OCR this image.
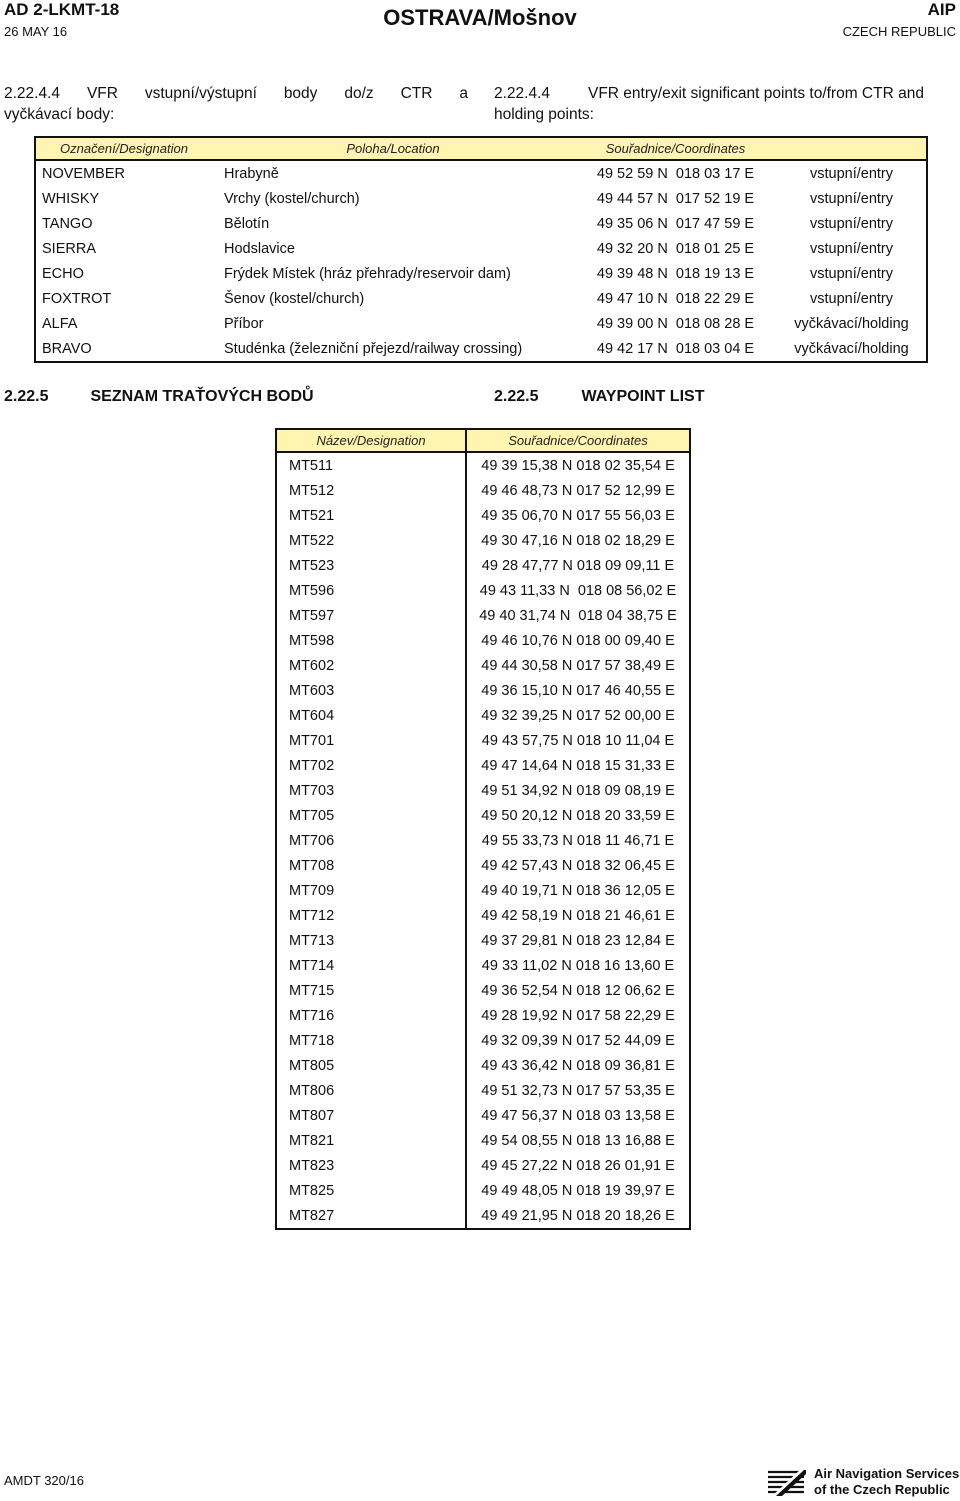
AD 2-LKMT-18
26 MAY 16
OSTRAVA/Mošnov	AIP
CZECH REPUBLIC
2.22.4.4 VFR vstupní/výstupní body do/z CTR a
vyčkávací body:
2.22.4.4	VFR entry/exit significant points to/from CTR and
holding points:
Označení/Designation	Poloha/Location	Souřadnice/Coordinates	
NOVEMBER	Hrabyně	49 52 59 N  018 03 17 E	vstupní/entry
WHISKY	Vrchy (kostel/church)	49 44 57 N  017 52 19 E	vstupní/entry
TANGO	Bělotín	49 35 06 N  017 47 59 E	vstupní/entry
SIERRA	Hodslavice	49 32 20 N  018 01 25 E	vstupní/entry
ECHO	Frýdek Místek (hráz přehrady/reservoir dam)	49 39 48 N  018 19 13 E	vstupní/entry
FOXTROT	Šenov (kostel/church)	49 47 10 N  018 22 29 E	vstupní/entry
ALFA	Příbor	49 39 00 N  018 08 28 E	vyčkávací/holding
BRAVO	Studénka (železniční přejezd/railway crossing)	49 42 17 N  018 03 04 E	vyčkávací/holding
2.22.5	SEZNAM TRAŤOVÝCH BODŮ	2.22.5	WAYPOINT LIST
Název/Designation	Souřadnice/Coordinates
MT511	49 39 15,38 N 018 02 35,54 E
MT512	49 46 48,73 N 017 52 12,99 E
MT521	49 35 06,70 N 017 55 56,03 E
MT522	49 30 47,16 N 018 02 18,29 E
MT523	49 28 47,77 N 018 09 09,11 E
MT596	49 43 11,33 N  018 08 56,02 E
MT597	49 40 31,74 N  018 04 38,75 E
MT598	49 46 10,76 N 018 00 09,40 E
MT602	49 44 30,58 N 017 57 38,49 E
MT603	49 36 15,10 N 017 46 40,55 E
MT604	49 32 39,25 N 017 52 00,00 E
MT701	49 43 57,75 N 018 10 11,04 E
MT702	49 47 14,64 N 018 15 31,33 E
MT703	49 51 34,92 N 018 09 08,19 E
MT705	49 50 20,12 N 018 20 33,59 E
MT706	49 55 33,73 N 018 11 46,71 E
MT708	49 42 57,43 N 018 32 06,45 E
MT709	49 40 19,71 N 018 36 12,05 E
MT712	49 42 58,19 N 018 21 46,61 E
MT713	49 37 29,81 N 018 23 12,84 E
MT714	49 33 11,02 N 018 16 13,60 E
MT715	49 36 52,54 N 018 12 06,62 E
MT716	49 28 19,92 N 017 58 22,29 E
MT718	49 32 09,39 N 017 52 44,09 E
MT805	49 43 36,42 N 018 09 36,81 E
MT806	49 51 32,73 N 017 57 53,35 E
MT807	49 47 56,37 N 018 03 13,58 E
MT821	49 54 08,55 N 018 13 16,88 E
MT823	49 45 27,22 N 018 26 01,91 E
MT825	49 49 48,05 N 018 19 39,97 E
MT827	49 49 21,95 N 018 20 18,26 E
AMDT 320/16	Air Navigation Services
of the Czech Republic
